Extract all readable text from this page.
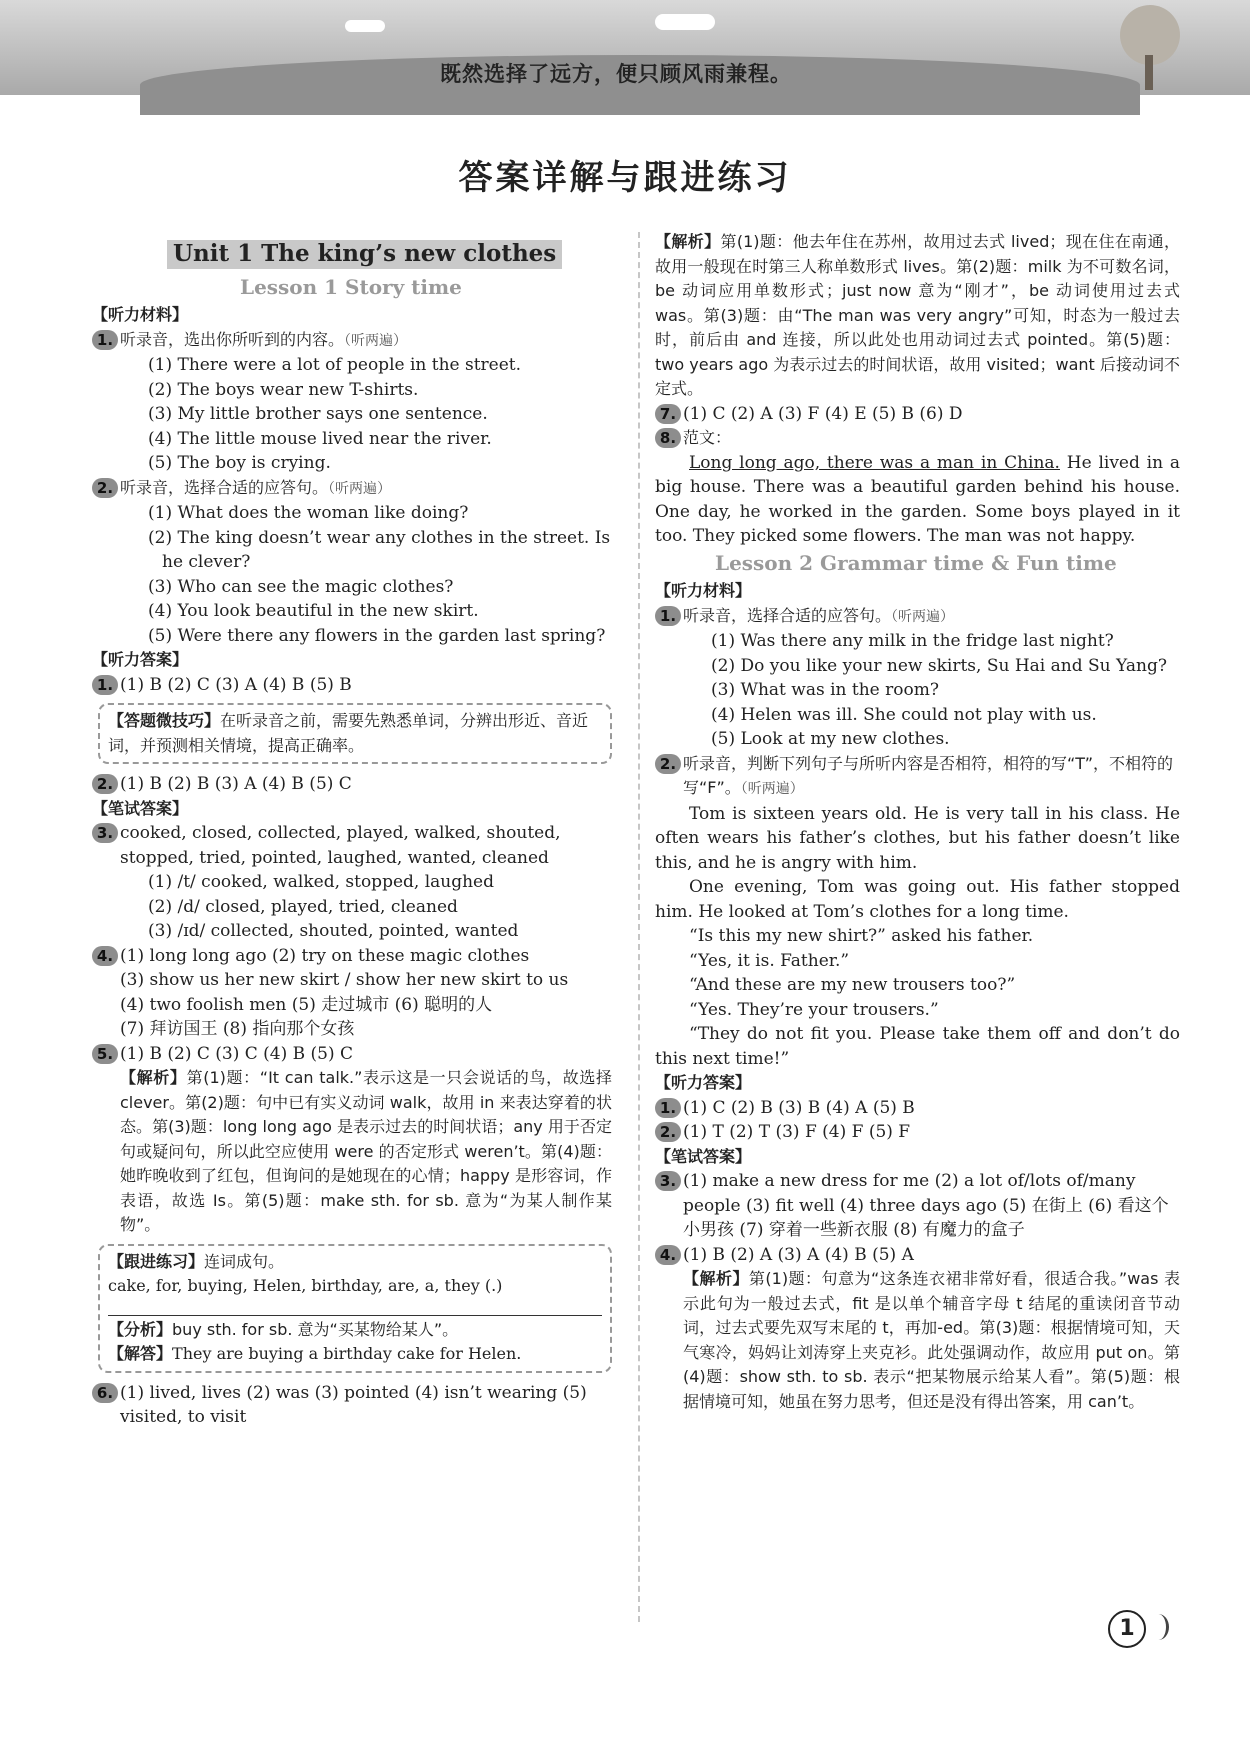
既然选择了远方，便只顾风雨兼程。
答案详解与跟进练习
Unit 1 The king’s new clothes
Lesson 1 Story time
【听力材料】
1. 听录音，选出你所听到的内容。（听两遍）
(1) There were a lot of people in the street.
(2) The boys wear new T-shirts.
(3) My little brother says one sentence.
(4) The little mouse lived near the river.
(5) The boy is crying.
2. 听录音，选择合适的应答句。（听两遍）
(1) What does the woman like doing?
(2) The king doesn’t wear any clothes in the street. Is he clever?
(3) Who can see the magic clothes?
(4) You look beautiful in the new skirt.
(5) Were there any flowers in the garden last spring?
【听力答案】
1. (1) B (2) C (3) A (4) B (5) B
【答题微技巧】在听录音之前，需要先熟悉单词，分辨出形近、音近词，并预测相关情境，提高正确率。
2. (1) B (2) B (3) A (4) B (5) C
【笔试答案】
3. cooked, closed, collected, played, walked, shouted, stopped, tried, pointed, laughed, wanted, cleaned
(1) /t/ cooked, walked, stopped, laughed
(2) /d/ closed, played, tried, cleaned
(3) /ɪd/ collected, shouted, pointed, wanted
4. (1) long long ago (2) try on these magic clothes
(3) show us her new skirt / show her new skirt to us
(4) two foolish men (5) 走过城市 (6) 聪明的人
(7) 拜访国王 (8) 指向那个女孩
5. (1) B (2) C (3) C (4) B (5) C
【解析】第(1)题：“It can talk.”表示这是一只会说话的鸟，故选择 clever。第(2)题：句中已有实义动词 walk，故用 in 来表达穿着的状态。第(3)题：long long ago 是表示过去的时间状语；any 用于否定句或疑问句，所以此空应使用 were 的否定形式 weren’t。第(4)题：她昨晚收到了红包，但询问的是她现在的心情；happy 是形容词，作表语，故选 Is。第(5)题：make sth. for sb. 意为“为某人制作某物”。
【跟进练习】连词成句。
cake, for, buying, Helen, birthday, are, a, they (.)
【分析】buy sth. for sb. 意为“买某物给某人”。
【解答】They are buying a birthday cake for Helen.
6. (1) lived, lives (2) was (3) pointed (4) isn’t wearing (5) visited, to visit
【解析】第(1)题：他去年住在苏州，故用过去式 lived；现在住在南通，故用一般现在时第三人称单数形式 lives。第(2)题：milk 为不可数名词，be 动词应用单数形式；just now 意为“刚才”，be 动词使用过去式 was。第(3)题：由“The man was very angry”可知，时态为一般过去时，前后由 and 连接，所以此处也用动词过去式 pointed。第(5)题：two years ago 为表示过去的时间状语，故用 visited；want 后接动词不定式。
7. (1) C (2) A (3) F (4) E (5) B (6) D
8. 范文：
Long long ago, there was a man in China. He lived in a big house. There was a beautiful garden behind his house. One day, he worked in the garden. Some boys played in it too. They picked some flowers. The man was not happy.
Lesson 2 Grammar time & Fun time
【听力材料】
1. 听录音，选择合适的应答句。（听两遍）
(1) Was there any milk in the fridge last night?
(2) Do you like your new skirts, Su Hai and Su Yang?
(3) What was in the room?
(4) Helen was ill. She could not play with us.
(5) Look at my new clothes.
2. 听录音，判断下列句子与所听内容是否相符，相符的写“T”，不相符的写“F”。（听两遍）
Tom is sixteen years old. He is very tall in his class. He often wears his father’s clothes, but his father doesn’t like this, and he is angry with him.
One evening, Tom was going out. His father stopped him. He looked at Tom’s clothes for a long time.
“Is this my new shirt?” asked his father.
“Yes, it is. Father.”
“And these are my new trousers too?”
“Yes. They’re your trousers.”
“They do not fit you. Please take them off and don’t do this next time!”
【听力答案】
1. (1) C (2) B (3) B (4) A (5) B
2. (1) T (2) T (3) F (4) F (5) F
【笔试答案】
3. (1) make a new dress for me (2) a lot of/lots of/many people (3) fit well (4) three days ago (5) 在街上 (6) 看这个小男孩 (7) 穿着一些新衣服 (8) 有魔力的盒子
4. (1) B (2) A (3) A (4) B (5) A
【解析】第(1)题：句意为“这条连衣裙非常好看，很适合我。”was 表示此句为一般过去式，fit 是以单个辅音字母 t 结尾的重读闭音节动词，过去式要先双写末尾的 t，再加-ed。第(3)题：根据情境可知，天气寒冷，妈妈让刘涛穿上夹克衫。此处强调动作，故应用 put on。第(4)题：show sth. to sb. 表示“把某物展示给某人看”。第(5)题：根据情境可知，她虽在努力思考，但还是没有得出答案，用 can’t。
1
